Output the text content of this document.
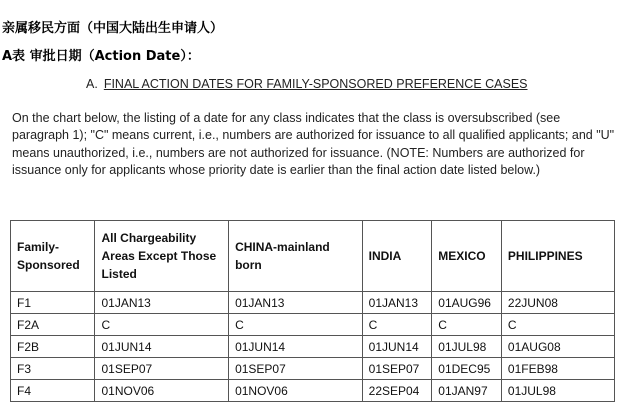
亲属移民方面（中国大陆出生申请人）
A表 审批日期（Action Date）：
A. FINAL ACTION DATES FOR FAMILY-SPONSORED PREFERENCE CASES
On the chart below, the listing of a date for any class indicates that the class is oversubscribed (see paragraph 1); "C" means current, i.e., numbers are authorized for issuance to all qualified applicants; and "U" means unauthorized, i.e., numbers are not authorized for issuance. (NOTE: Numbers are authorized for issuance only for applicants whose priority date is earlier than the final action date listed below.)
Family-Sponsored	All Chargeability Areas Except Those Listed	CHINA-mainland born	INDIA	MEXICO	PHILIPPINES
F1	01JAN13	01JAN13	01JAN13	01AUG96	22JUN08
F2A	C	C	C	C	C
F2B	01JUN14	01JUN14	01JUN14	01JUL98	01AUG08
F3	01SEP07	01SEP07	01SEP07	01DEC95	01FEB98
F4	01NOV06	01NOV06	22SEP04	01JAN97	01JUL98
